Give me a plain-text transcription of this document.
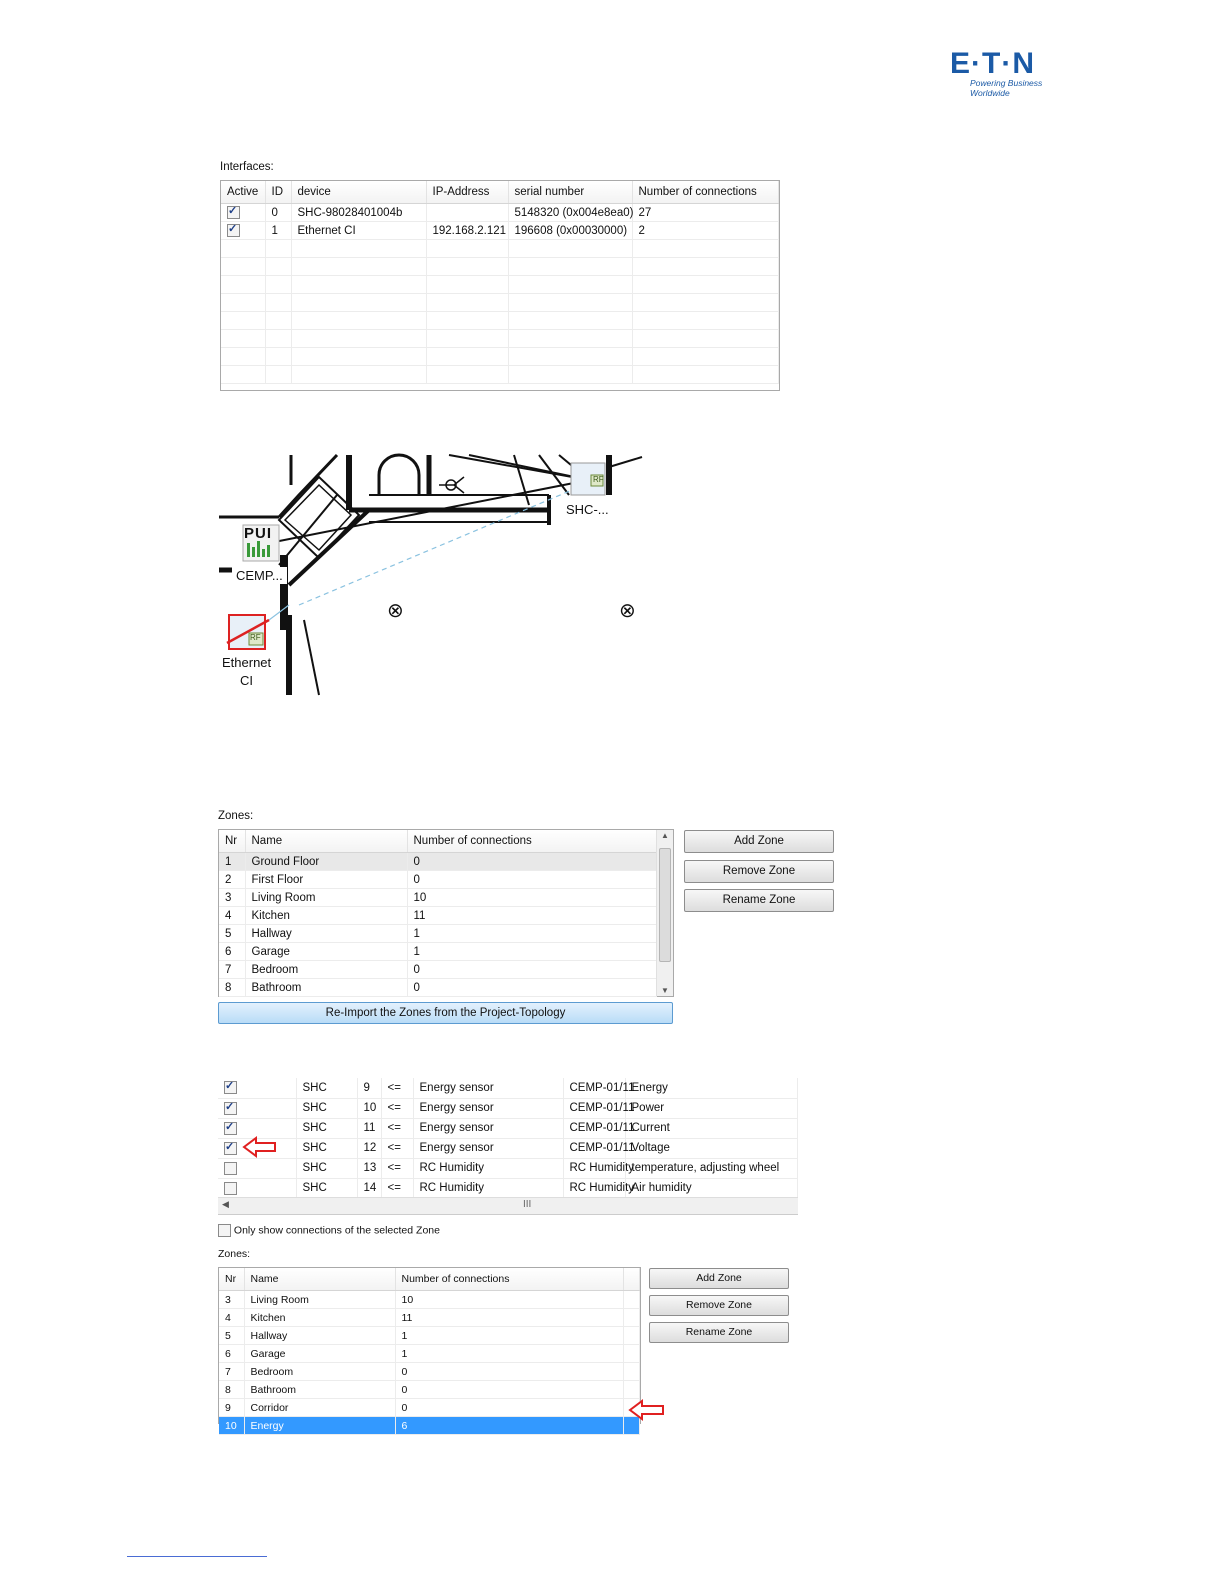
E·T·N
Powering Business Worldwide
Interfaces:
Active	ID	device	IP-Address	serial number	Number of connections
✓	0	SHC-98028401004b		5148320 (0x004e8ea0)	27
✓	1	Ethernet CI	192.168.2.121	196608 (0x00030000)	2

SHC-...
CEMP...
PUI
RF
RF
Ethernet
CI
⊗	⊗
Zones:
Nr	Name	Number of connections
1	Ground Floor	0
2	First Floor	0
3	Living Room	10
4	Kitchen	11
5	Hallway	1
6	Garage	1
7	Bedroom	0
8	Bathroom	0
▲
▼
Add Zone
Remove Zone
Rename Zone
Re-Import the Zones from the Project-Topology
✓	SHC	9	<=	Energy sensor	CEMP-01/11	Energy
✓	SHC	10	<=	Energy sensor	CEMP-01/11	Power
✓	SHC	11	<=	Energy sensor	CEMP-01/11	Current
✓	SHC	12	<=	Energy sensor	CEMP-01/11	Voltage
	SHC	13	<=	RC Humidity	RC Humidity	temperature, adjusting wheel
	SHC	14	<=	RC Humidity	RC Humidity	Air humidity
◀	III
Only show connections of the selected Zone
Zones:
Nr	Name	Number of connections	
3	Living Room	10	
4	Kitchen	11	
5	Hallway	1	
6	Garage	1	
7	Bedroom	0	
8	Bathroom	0	
9	Corridor	0	
10	Energy	6	
Add Zone
Remove Zone
Rename Zone
